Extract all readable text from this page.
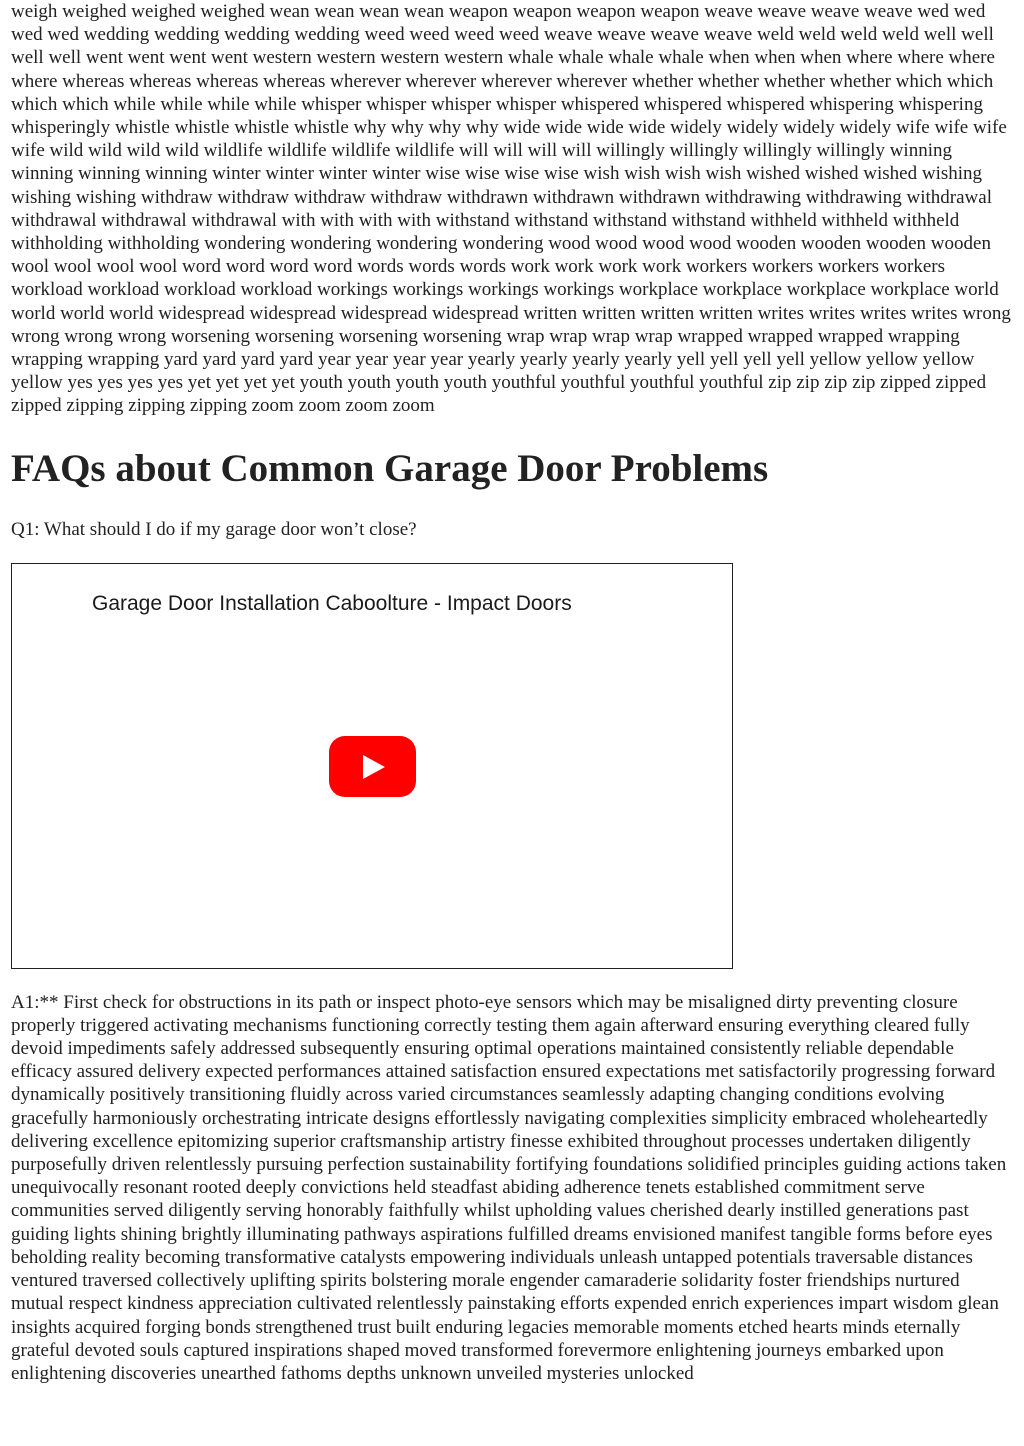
weigh weighed weighed weighed wean wean wean wean weapon weapon weapon weapon weave weave weave weave wed wed wed wed wedding wedding wedding wedding weed weed weed weed weave weave weave weave weld weld weld weld well well well well went went went went western western western western whale whale whale whale when when when where where where where whereas whereas whereas whereas wherever wherever wherever wherever whether whether whether whether which which which which while while while while whisper whisper whisper whisper whispered whispered whispered whispering whispering whisperingly whistle whistle whistle whistle why why why why wide wide wide wide widely widely widely widely wife wife wife wife wild wild wild wild wildlife wildlife wildlife wildlife will will will will willingly willingly willingly willingly winning winning winning winning winter winter winter winter wise wise wise wise wish wish wish wish wished wished wished wishing wishing wishing withdraw withdraw withdraw withdraw withdrawn withdrawn withdrawn withdrawing withdrawing withdrawal withdrawal withdrawal withdrawal with with with with withstand withstand withstand withstand withheld withheld withheld withholding withholding wondering wondering wondering wondering wood wood wood wood wooden wooden wooden wooden wool wool wool wool word word word word words words words work work work work workers workers workers workers workload workload workload workload workings workings workings workings workplace workplace workplace workplace world world world world widespread widespread widespread widespread written written written written writes writes writes writes wrong wrong wrong wrong worsening worsening worsening worsening wrap wrap wrap wrap wrapped wrapped wrapped wrapping wrapping wrapping yard yard yard yard year year year year yearly yearly yearly yearly yell yell yell yell yellow yellow yellow yellow yes yes yes yes yet yet yet yet youth youth youth youth youthful youthful youthful youthful zip zip zip zip zipped zipped zipped zipping zipping zipping zoom zoom zoom zoom

FAQs about Common Garage Door Problems

Q1: What should I do if my garage door won’t close?

Garage Door Installation Caboolture - Impact Doors

A1:** First check for obstructions in its path or inspect photo-eye sensors which may be misaligned dirty preventing closure properly triggered activating mechanisms functioning correctly testing them again afterward ensuring everything cleared fully devoid impediments safely addressed subsequently ensuring optimal operations maintained consistently reliable dependable efficacy assured delivery expected performances attained satisfaction ensured expectations met satisfactorily progressing forward dynamically positively transitioning fluidly across varied circumstances seamlessly adapting changing conditions evolving gracefully harmoniously orchestrating intricate designs effortlessly navigating complexities simplicity embraced wholeheartedly delivering excellence epitomizing superior craftsmanship artistry finesse exhibited throughout processes undertaken diligently purposefully driven relentlessly pursuing perfection sustainability fortifying foundations solidified principles guiding actions taken unequivocally resonant rooted deeply convictions held steadfast abiding adherence tenets established commitment serve communities served diligently serving honorably faithfully whilst upholding values cherished dearly instilled generations past guiding lights shining brightly illuminating pathways aspirations fulfilled dreams envisioned manifest tangible forms before eyes beholding reality becoming transformative catalysts empowering individuals unleash untapped potentials traversable distances ventured traversed collectively uplifting spirits bolstering morale engender camaraderie solidarity foster friendships nurtured mutual respect kindness appreciation cultivated relentlessly painstaking efforts expended enrich experiences impart wisdom glean insights acquired forging bonds strengthened trust built enduring legacies memorable moments etched hearts minds eternally grateful devoted souls captured inspirations shaped moved transformed forevermore enlightening journeys embarked upon enlightening discoveries unearthed fathoms depths unknown unveiled mysteries unlocked
